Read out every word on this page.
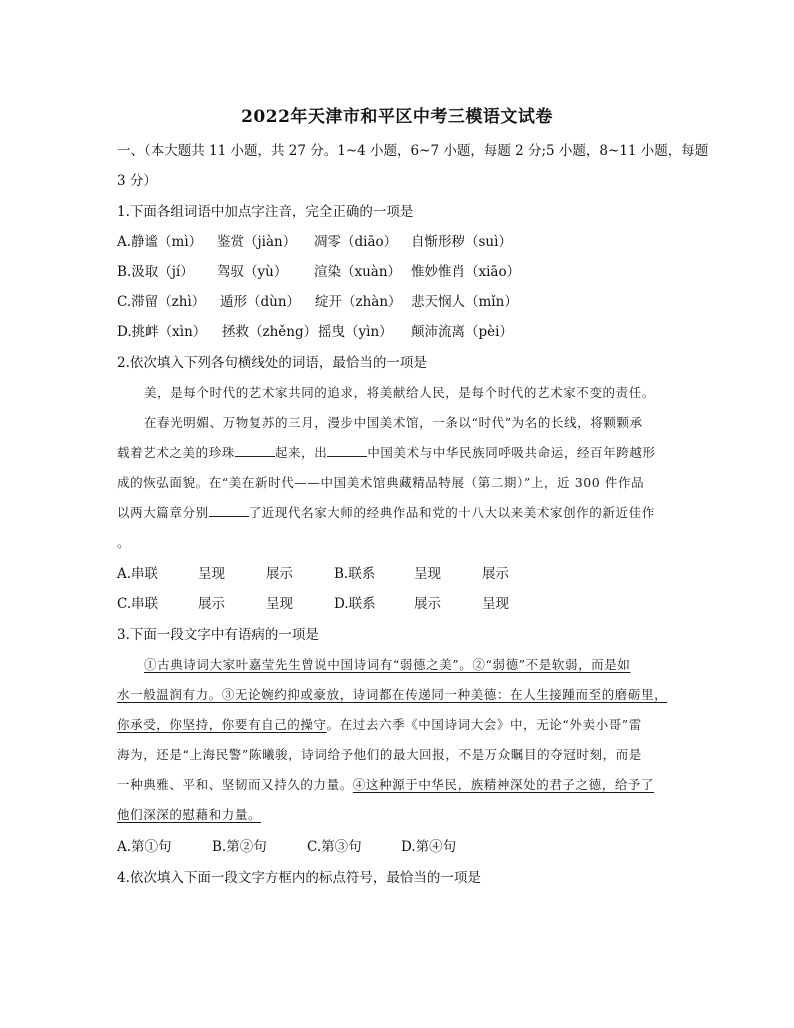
2022年天津市和平区中考三模语文试卷
一、（本大题共 11 小题，共 27 分。1~4 小题，6~7 小题，每题 2 分;5 小题，8~11 小题，每题
3 分）
1.下面各组词语中加点字注音，完全正确的一项是
A.静谧（mì） 鉴赏（jiàn） 凋零（diāo） 自惭形秽（suì）
B.汲取（jí） 驾驭（yù） 渲染（xuàn） 惟妙惟肖（xiāo）
C.滞留（zhì） 遁形（dùn） 绽开（zhàn） 悲天悯人（mǐn）
D.挑衅（xìn） 拯救（zhěng）摇曳（yìn） 颠沛流离（pèi）
2.依次填入下列各句横线处的词语，最恰当的一项是
美，是每个时代的艺术家共同的追求，将美献给人民，是每个时代的艺术家不变的责任。
在春光明媚、万物复苏的三月，漫步中国美术馆，一条以“时代”为名的长线，将颗颗承
载着艺术之美的珍珠	起来，出	中国美术与中华民族同呼吸共命运，经百年跨越形
成的恢弘面貌。在“美在新时代——中国美术馆典藏精品特展（第二期）”上，近 300 件作品
以两大篇章分别	了近现代名家大师的经典作品和党的十八大以来美术家创作的新近佳作
。
A.串联	呈现	展示	B.联系	呈现	展示
C.串联	展示	呈现	D.联系	展示	呈现
3.下面一段文字中有语病的一项是
①古典诗词大家叶嘉莹先生曾说中国诗词有“弱德之美”。②“弱德”不是软弱，而是如
水一般温润有力。③无论婉约抑或豪放，诗词都在传递同一种美德：在人生接踵而至的磨砺里，
你承受，你坚持，你要有自己的操守。在过去六季《中国诗词大会》中，无论“外卖小哥”雷
海为，还是“上海民警”陈曦骏，诗词给予他们的最大回报，不是万众瞩目的夺冠时刻，而是
一种典雅、平和、坚韧而又持久的力量。④这种源于中华民，族精神深处的君子之德，给予了
他们深深的慰藉和力量。
A.第①句	B.第②句	C.第③句	D.第④句
4.依次填入下面一段文字方框内的标点符号，最恰当的一项是
